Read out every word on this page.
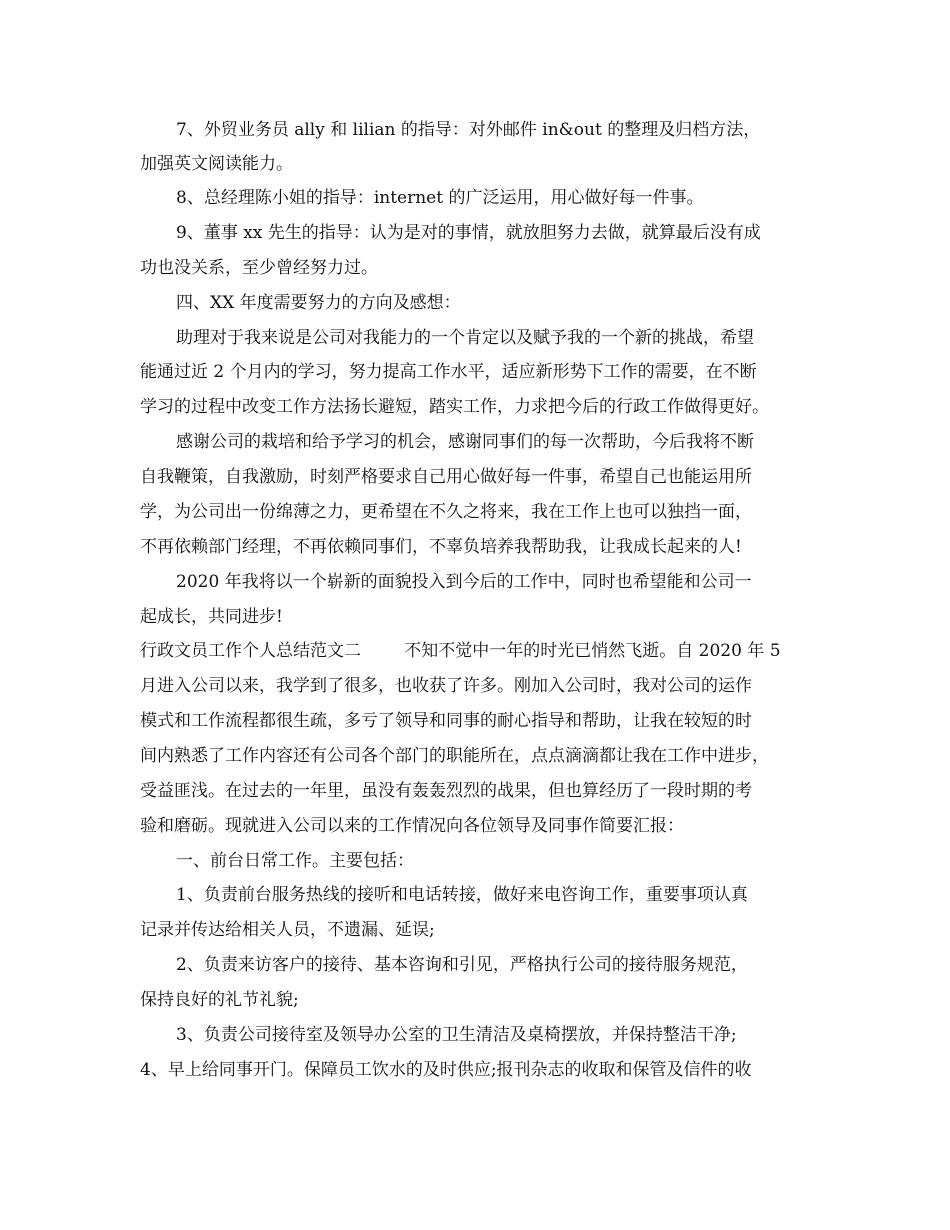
7、外贸业务员 ally 和 lilian 的指导：对外邮件 in&out 的整理及归档方法，

加强英文阅读能力。

8、总经理陈小姐的指导：internet 的广泛运用，用心做好每一件事。

9、董事 xx 先生的指导：认为是对的事情，就放胆努力去做，就算最后没有成

功也没关系，至少曾经努力过。

四、XX 年度需要努力的方向及感想：

助理对于我来说是公司对我能力的一个肯定以及赋予我的一个新的挑战，希望

能通过近 2 个月内的学习，努力提高工作水平，适应新形势下工作的需要，在不断

学习的过程中改变工作方法扬长避短，踏实工作，力求把今后的行政工作做得更好。

感谢公司的栽培和给予学习的机会，感谢同事们的每一次帮助，今后我将不断

自我鞭策，自我激励，时刻严格要求自己用心做好每一件事，希望自己也能运用所

学，为公司出一份绵薄之力，更希望在不久之将来，我在工作上也可以独挡一面，

不再依赖部门经理，不再依赖同事们，不辜负培养我帮助我，让我成长起来的人!

2020 年我将以一个崭新的面貌投入到今后的工作中，同时也希望能和公司一

起成长，共同进步!

行政文员工作个人总结范文二        不知不觉中一年的时光已悄然飞逝。自 2020 年 5

月进入公司以来，我学到了很多，也收获了许多。刚加入公司时，我对公司的运作

模式和工作流程都很生疏，多亏了领导和同事的耐心指导和帮助，让我在较短的时

间内熟悉了工作内容还有公司各个部门的职能所在，点点滴滴都让我在工作中进步，

受益匪浅。在过去的一年里，虽没有轰轰烈烈的战果，但也算经历了一段时期的考

验和磨砺。现就进入公司以来的工作情况向各位领导及同事作简要汇报：

一、前台日常工作。主要包括：

1、负责前台服务热线的接听和电话转接，做好来电咨询工作，重要事项认真

记录并传达给相关人员，不遗漏、延误;

2、负责来访客户的接待、基本咨询和引见，严格执行公司的接待服务规范，

保持良好的礼节礼貌;

3、负责公司接待室及领导办公室的卫生清洁及桌椅摆放，并保持整洁干净;

4、早上给同事开门。保障员工饮水的及时供应;报刊杂志的收取和保管及信件的收
